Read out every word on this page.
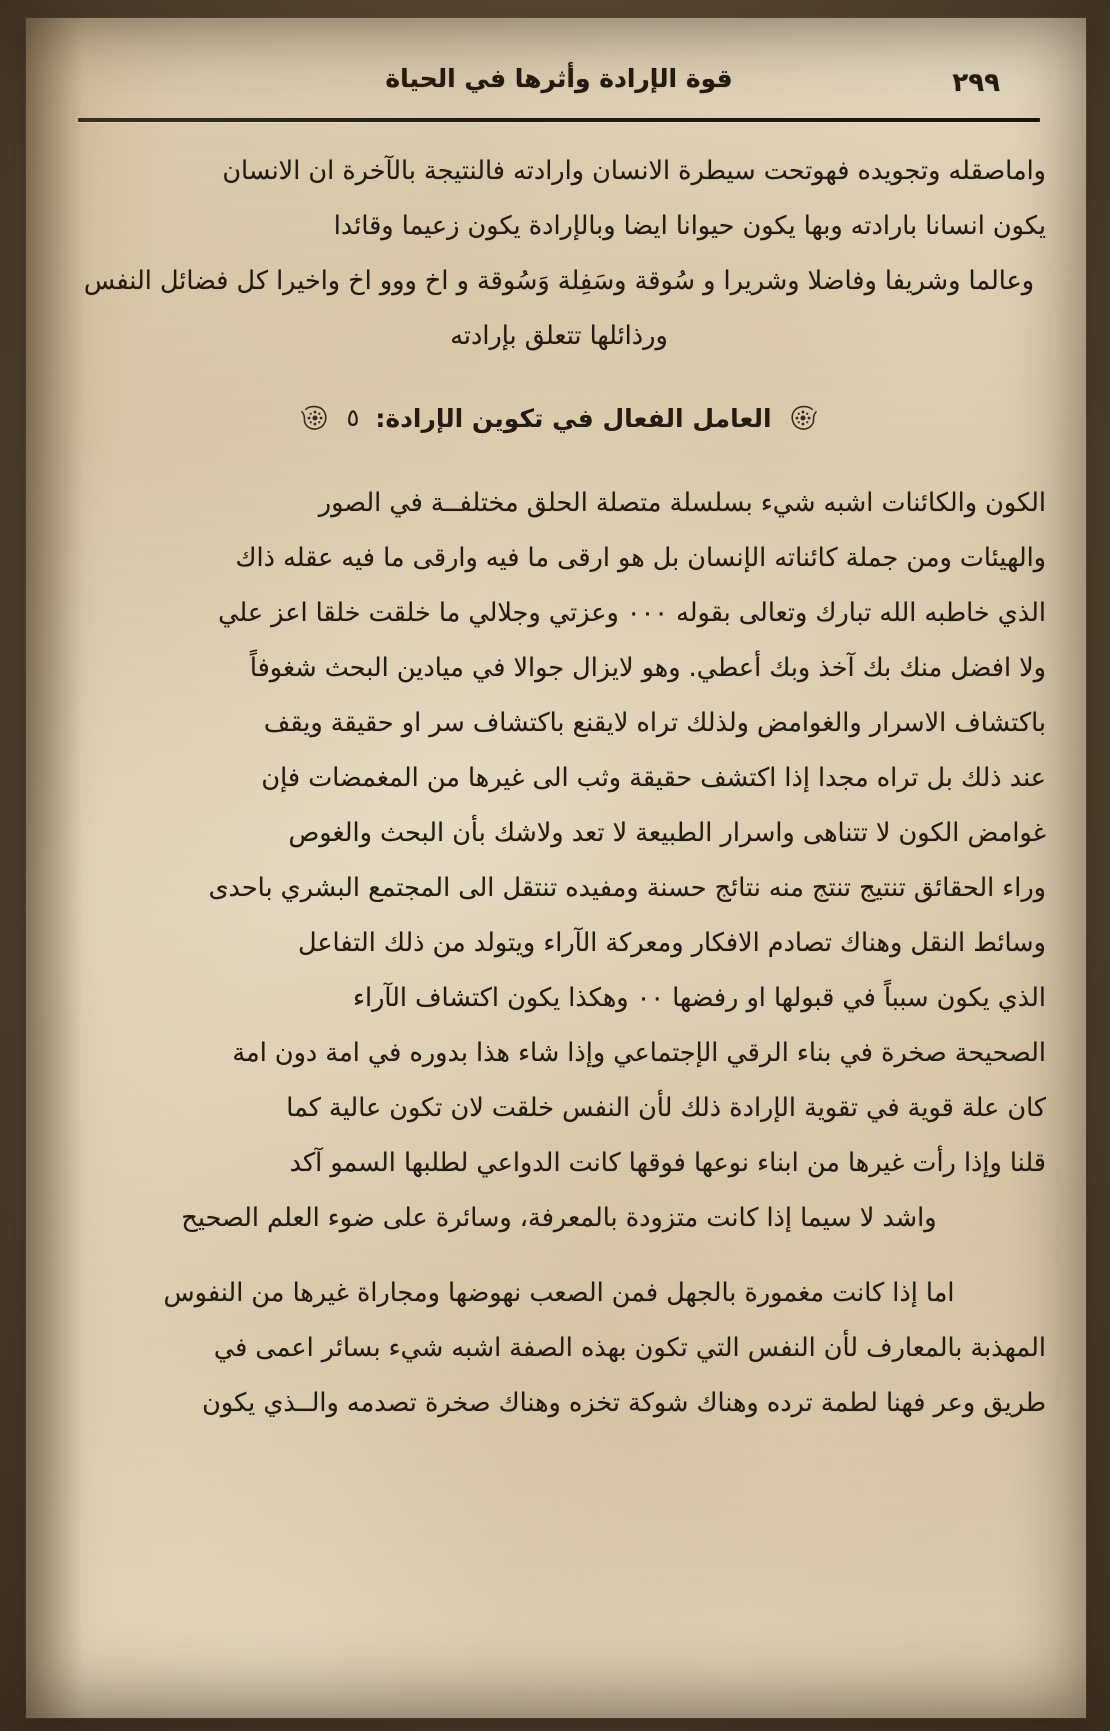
قوة الإرادة وأثرها في الحياة	٢٩٩
واماصقله وتجويده فهوتحت سيطرة الانسان وارادته فالنتيجة بالآخرة ان الانسان
يكون انسانا بارادته وبها يكون حيوانا ايضا وبالإرادة يكون زعيما وقائدا
وعالما وشريفا وفاضلا وشريرا و سُوقة وسَفِلة وَسُوقة و اخ ووو اخ واخيرا كل فضائل النفس
ورذائلها تتعلق بإرادته
العامل الفعال في تكوين الإرادة:
٥
الكون والكائنات اشبه شيء بسلسلة متصلة الحلق مختلفــة في الصور
والهيئات ومن جملة كائناته الإنسان بل هو ارقى ما فيه وارقى ما فيه عقله ذاك
الذي خاطبه الله تبارك وتعالى بقوله ٠٠٠ وعزتي وجلالي ما خلقت خلقا اعز علي
ولا افضل منك بك آخذ وبك أعطي. وهو لايزال جوالا في ميادين البحث شغوفاً
باكتشاف الاسرار والغوامض ولذلك تراه لايقنع باكتشاف سر او حقيقة ويقف
عند ذلك بل تراه مجدا إذا اكتشف حقيقة وثب الى غيرها من المغمضات فإن
غوامض الكون لا تتناهى واسرار الطبيعة لا تعد ولاشك بأن البحث والغوص
وراء الحقائق تنتيج تنتج منه نتائج حسنة ومفيده تنتقل الى المجتمع البشري باحدى
وسائط النقل وهناك تصادم الافكار ومعركة الآراء ويتولد من ذلك التفاعل
الذي يكون سبباً في قبولها او رفضها ٠٠ وهكذا يكون اكتشاف الآراء
الصحيحة صخرة في بناء الرقي الإجتماعي وإذا شاء هذا بدوره في امة دون امة
كان علة قوية في تقوية الإرادة ذلك لأن النفس خلقت لان تكون عالية كما
قلنا وإذا رأت غيرها من ابناء نوعها فوقها كانت الدواعي لطلبها السمو آكد
واشد لا سيما إذا كانت متزودة بالمعرفة، وسائرة على ضوء العلم الصحيح
اما إذا كانت مغمورة بالجهل فمن الصعب نهوضها ومجاراة غيرها من النفوس
المهذبة بالمعارف لأن النفس التي تكون بهذه الصفة اشبه شيء بسائر اعمى في
طريق وعر فهنا لطمة ترده وهناك شوكة تخزه وهناك صخرة تصدمه والــذي يكون
